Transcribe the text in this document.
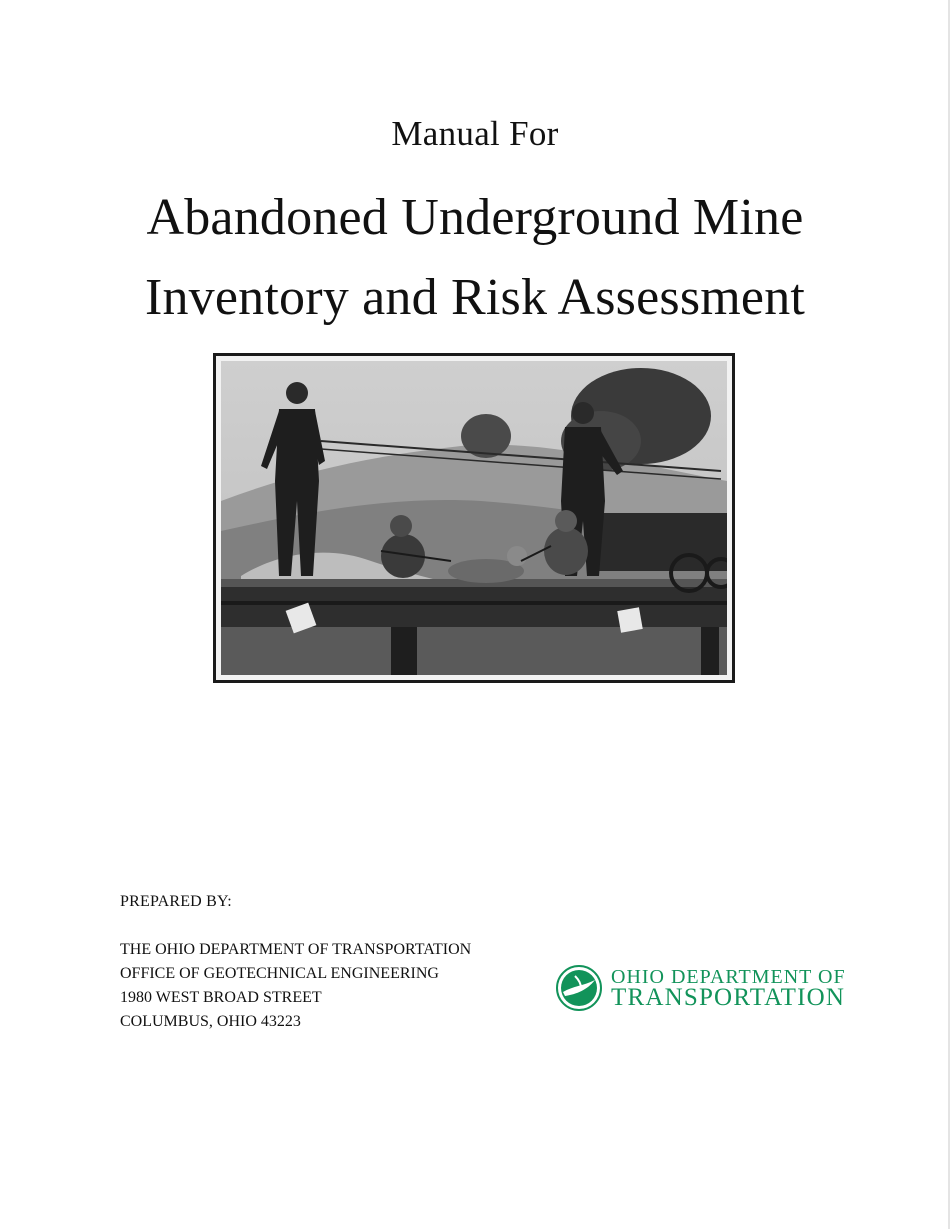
Manual For
Abandoned Underground Mine
Inventory and Risk Assessment
PREPARED BY:
THE OHIO DEPARTMENT OF TRANSPORTATION
OFFICE OF GEOTECHNICAL ENGINEERING
1980 WEST BROAD STREET
COLUMBUS, OHIO 43223
OHIO DEPARTMENT OF
TRANSPORTATION
